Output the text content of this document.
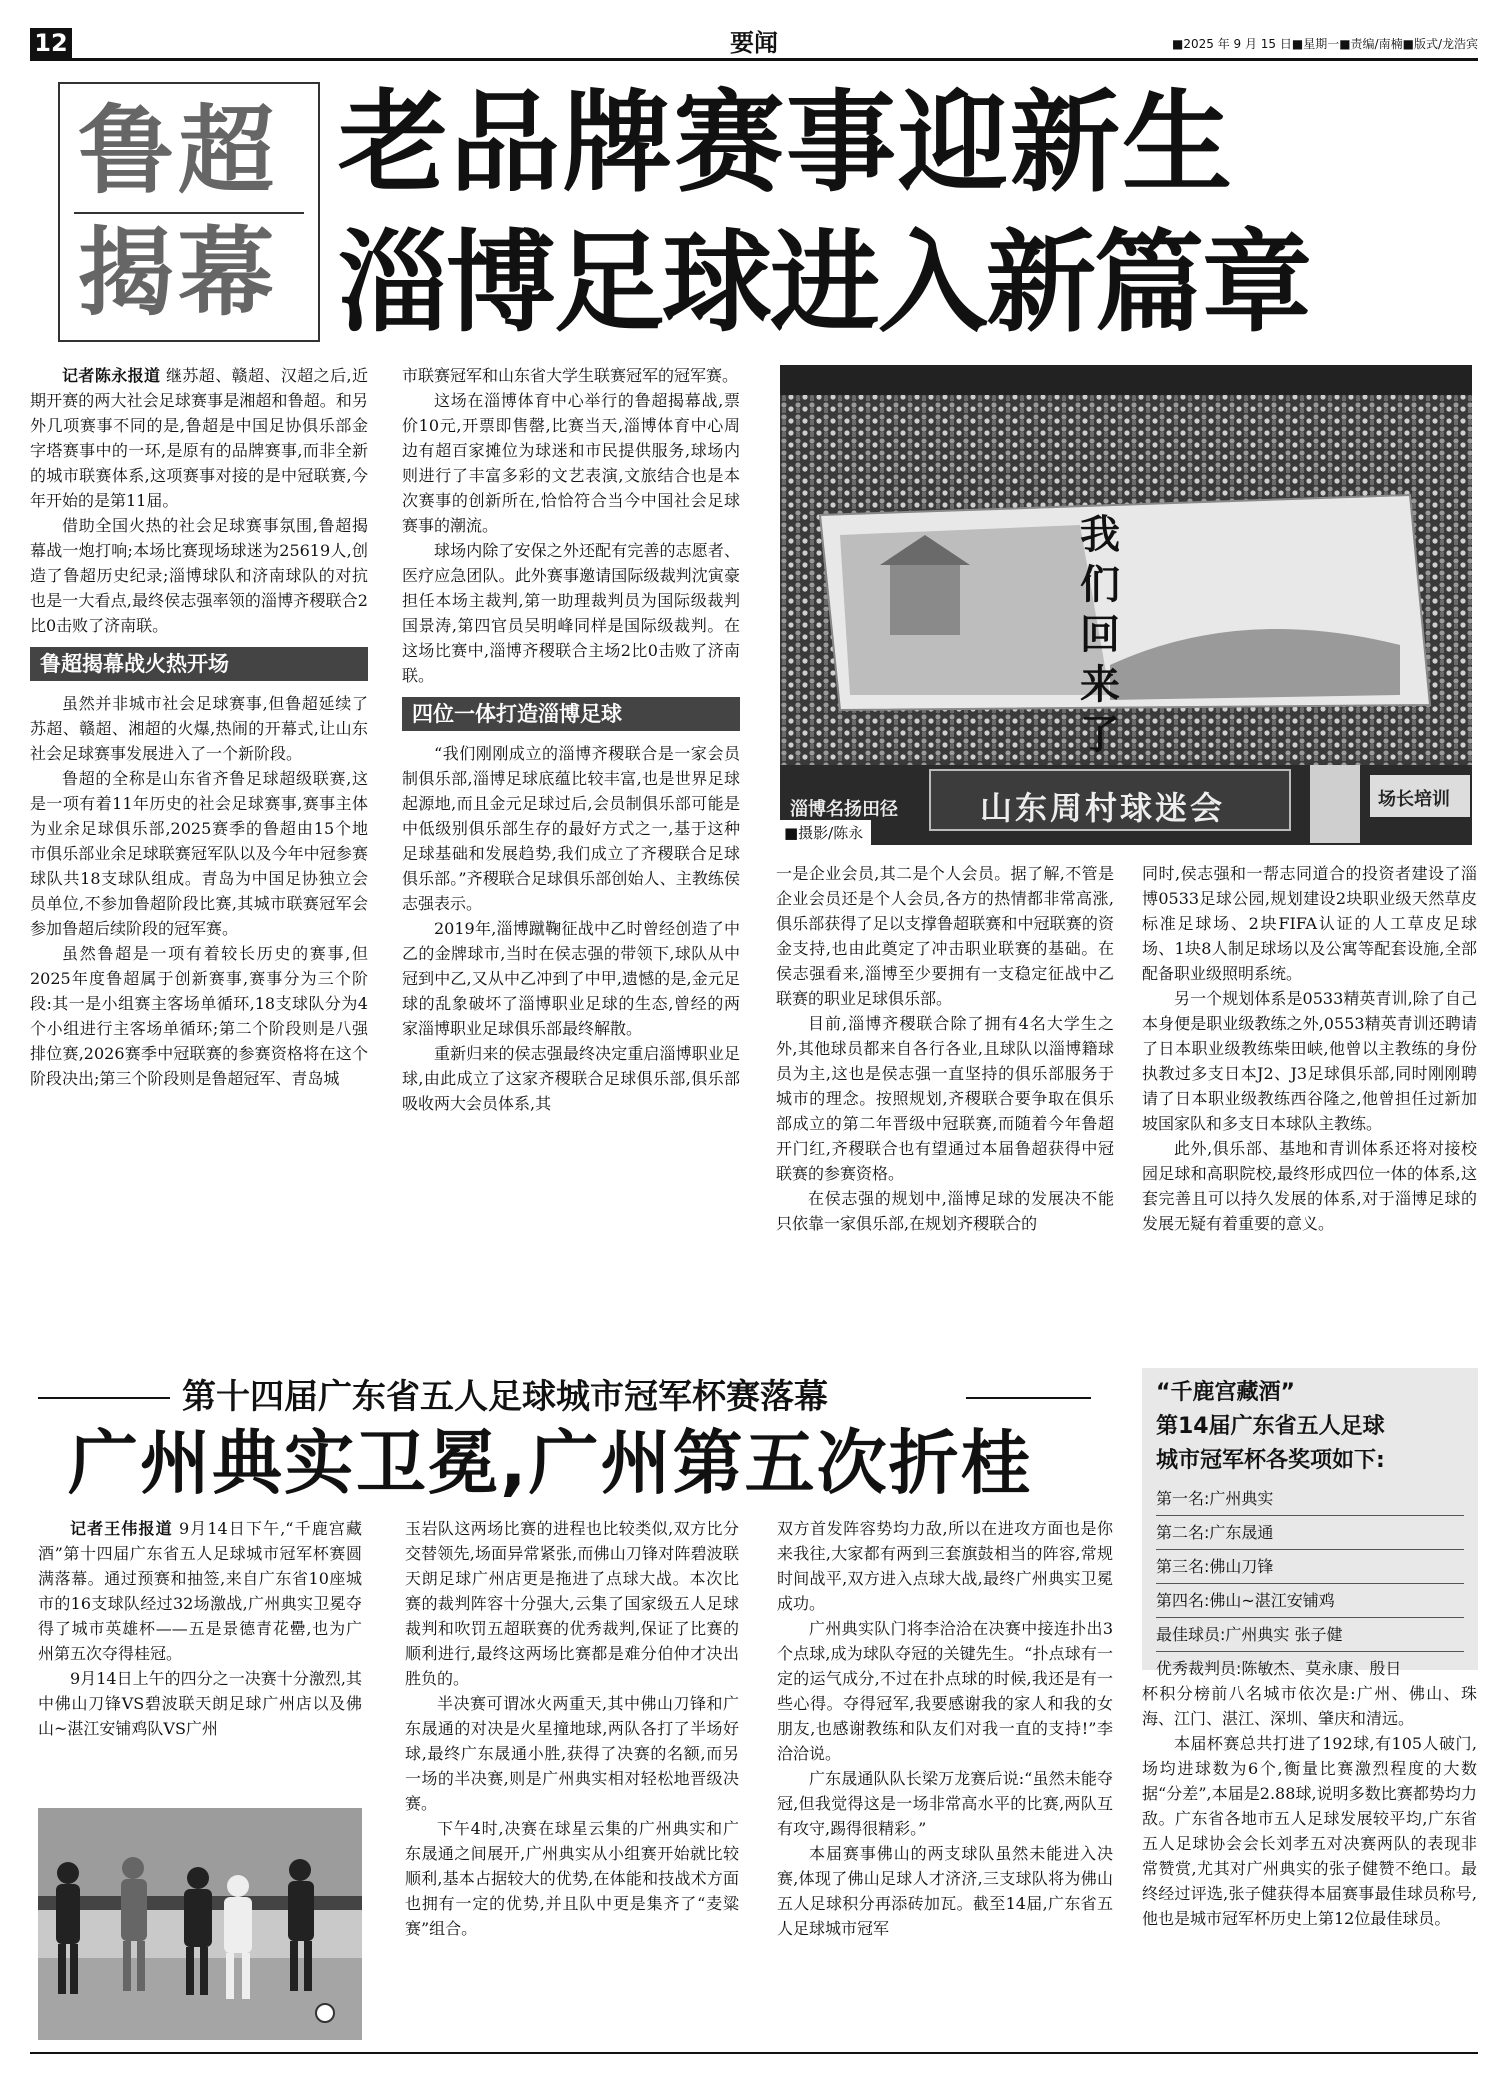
12	要闻	■2025 年 9 月 15 日■星期一■责编/南楠■版式/龙浩宾
鲁超
揭幕
老品牌赛事迎新生
淄博足球进入新篇章

记者陈永报道 继苏超、赣超、汉超之后,近期开赛的两大社会足球赛事是湘超和鲁超。和另外几项赛事不同的是,鲁超是中国足协俱乐部金字塔赛事中的一环,是原有的品牌赛事,而非全新的城市联赛体系,这项赛事对接的是中冠联赛,今年开始的是第11届。

借助全国火热的社会足球赛事氛围,鲁超揭幕战一炮打响;本场比赛现场球迷为25619人,创造了鲁超历史纪录;淄博球队和济南球队的对抗也是一大看点,最终侯志强率领的淄博齐稷联合2比0击败了济南联。

鲁超揭幕战火热开场

虽然并非城市社会足球赛事,但鲁超延续了苏超、赣超、湘超的火爆,热闹的开幕式,让山东社会足球赛事发展进入了一个新阶段。

鲁超的全称是山东省齐鲁足球超级联赛,这是一项有着11年历史的社会足球赛事,赛事主体为业余足球俱乐部,2025赛季的鲁超由15个地市俱乐部业余足球联赛冠军队以及今年中冠参赛球队共18支球队组成。青岛为中国足协独立会员单位,不参加鲁超阶段比赛,其城市联赛冠军会参加鲁超后续阶段的冠军赛。

虽然鲁超是一项有着较长历史的赛事,但2025年度鲁超属于创新赛事,赛事分为三个阶段:其一是小组赛主客场单循环,18支球队分为4个小组进行主客场单循环;第二个阶段则是八强排位赛,2026赛季中冠联赛的参赛资格将在这个阶段决出;第三个阶段则是鲁超冠军、青岛城

市联赛冠军和山东省大学生联赛冠军的冠军赛。

这场在淄博体育中心举行的鲁超揭幕战,票价10元,开票即售罄,比赛当天,淄博体育中心周边有超百家摊位为球迷和市民提供服务,球场内则进行了丰富多彩的文艺表演,文旅结合也是本次赛事的创新所在,恰恰符合当今中国社会足球赛事的潮流。

球场内除了安保之外还配有完善的志愿者、医疗应急团队。此外赛事邀请国际级裁判沈寅豪担任本场主裁判,第一助理裁判员为国际级裁判国景涛,第四官员吴明峰同样是国际级裁判。在这场比赛中,淄博齐稷联合主场2比0击败了济南联。

四位一体打造淄博足球

“我们刚刚成立的淄博齐稷联合是一家会员制俱乐部,淄博足球底蕴比较丰富,也是世界足球起源地,而且金元足球过后,会员制俱乐部可能是中低级别俱乐部生存的最好方式之一,基于这种足球基础和发展趋势,我们成立了齐稷联合足球俱乐部。”齐稷联合足球俱乐部创始人、主教练侯志强表示。

2019年,淄博蹴鞠征战中乙时曾经创造了中乙的金牌球市,当时在侯志强的带领下,球队从中冠到中乙,又从中乙冲到了中甲,遗憾的是,金元足球的乱象破坏了淄博职业足球的生态,曾经的两家淄博职业足球俱乐部最终解散。

重新归来的侯志强最终决定重启淄博职业足球,由此成立了这家齐稷联合足球俱乐部,俱乐部吸收两大会员体系,其

我们回来了
淄博名扬田径	山东周村球迷会	场长培训
■摄影/陈永

一是企业会员,其二是个人会员。据了解,不管是企业会员还是个人会员,各方的热情都非常高涨,俱乐部获得了足以支撑鲁超联赛和中冠联赛的资金支持,也由此奠定了冲击职业联赛的基础。在侯志强看来,淄博至少要拥有一支稳定征战中乙联赛的职业足球俱乐部。

目前,淄博齐稷联合除了拥有4名大学生之外,其他球员都来自各行各业,且球队以淄博籍球员为主,这也是侯志强一直坚持的俱乐部服务于城市的理念。按照规划,齐稷联合要争取在俱乐部成立的第二年晋级中冠联赛,而随着今年鲁超开门红,齐稷联合也有望通过本届鲁超获得中冠联赛的参赛资格。

在侯志强的规划中,淄博足球的发展决不能只依靠一家俱乐部,在规划齐稷联合的

同时,侯志强和一帮志同道合的投资者建设了淄博0533足球公园,规划建设2块职业级天然草皮标准足球场、2块FIFA认证的人工草皮足球场、1块8人制足球场以及公寓等配套设施,全部配备职业级照明系统。

另一个规划体系是0533精英青训,除了自己本身便是职业级教练之外,0553精英青训还聘请了日本职业级教练柴田峡,他曾以主教练的身份执教过多支日本J2、J3足球俱乐部,同时刚刚聘请了日本职业级教练西谷隆之,他曾担任过新加坡国家队和多支日本球队主教练。

此外,俱乐部、基地和青训体系还将对接校园足球和高职院校,最终形成四位一体的体系,这套完善且可以持久发展的体系,对于淄博足球的发展无疑有着重要的意义。

第十四届广东省五人足球城市冠军杯赛落幕
广州典实卫冕,广州第五次折桂

记者王伟报道 9月14日下午,“千鹿宫藏酒”第十四届广东省五人足球城市冠军杯赛圆满落幕。通过预赛和抽签,来自广东省10座城市的16支球队经过32场激战,广州典实卫冕夺得了城市英雄杯——五是景德青花罍,也为广州第五次夺得桂冠。

9月14日上午的四分之一决赛十分激烈,其中佛山刀锋VS碧波联天朗足球广州店以及佛山~湛江安铺鸡队VS广州

玉岩队这两场比赛的进程也比较类似,双方比分交替领先,场面异常紧张,而佛山刀锋对阵碧波联天朗足球广州店更是拖进了点球大战。本次比赛的裁判阵容十分强大,云集了国家级五人足球裁判和吹罚五超联赛的优秀裁判,保证了比赛的顺利进行,最终这两场比赛都是难分伯仲才决出胜负的。

半决赛可谓冰火两重天,其中佛山刀锋和广东晟通的对决是火星撞地球,两队各打了半场好球,最终广东晟通小胜,获得了决赛的名额,而另一场的半决赛,则是广州典实相对轻松地晋级决赛。

下午4时,决赛在球星云集的广州典实和广东晟通之间展开,广州典实从小组赛开始就比较顺利,基本占据较大的优势,在体能和技战术方面也拥有一定的优势,并且队中更是集齐了“麦粱赛”组合。

双方首发阵容势均力敌,所以在进攻方面也是你来我往,大家都有两到三套旗鼓相当的阵容,常规时间战平,双方进入点球大战,最终广州典实卫冕成功。

广州典实队门将李洽洽在决赛中接连扑出3个点球,成为球队夺冠的关键先生。“扑点球有一定的运气成分,不过在扑点球的时候,我还是有一些心得。夺得冠军,我要感谢我的家人和我的女朋友,也感谢教练和队友们对我一直的支持!”李洽洽说。

广东晟通队队长梁万龙赛后说:“虽然未能夺冠,但我觉得这是一场非常高水平的比赛,两队互有攻守,踢得很精彩。”

本届赛事佛山的两支球队虽然未能进入决赛,体现了佛山足球人才济济,三支球队将为佛山五人足球积分再添砖加瓦。截至14届,广东省五人足球城市冠军

“千鹿宫藏酒”
第14届广东省五人足球
城市冠军杯各奖项如下:
第一名:广州典实
第二名:广东晟通
第三名:佛山刀锋
第四名:佛山~湛江安铺鸡
最佳球员:广州典实 张子健
优秀裁判员:陈敏杰、莫永康、殷日

杯积分榜前八名城市依次是:广州、佛山、珠海、江门、湛江、深圳、肇庆和清远。

本届杯赛总共打进了192球,有105人破门,场均进球数为6个,衡量比赛激烈程度的大数据“分差”,本届是2.88球,说明多数比赛都势均力敌。广东省各地市五人足球发展较平均,广东省五人足球协会会长刘孝五对决赛两队的表现非常赞赏,尤其对广州典实的张子健赞不绝口。最终经过评选,张子健获得本届赛事最佳球员称号,他也是城市冠军杯历史上第12位最佳球员。
